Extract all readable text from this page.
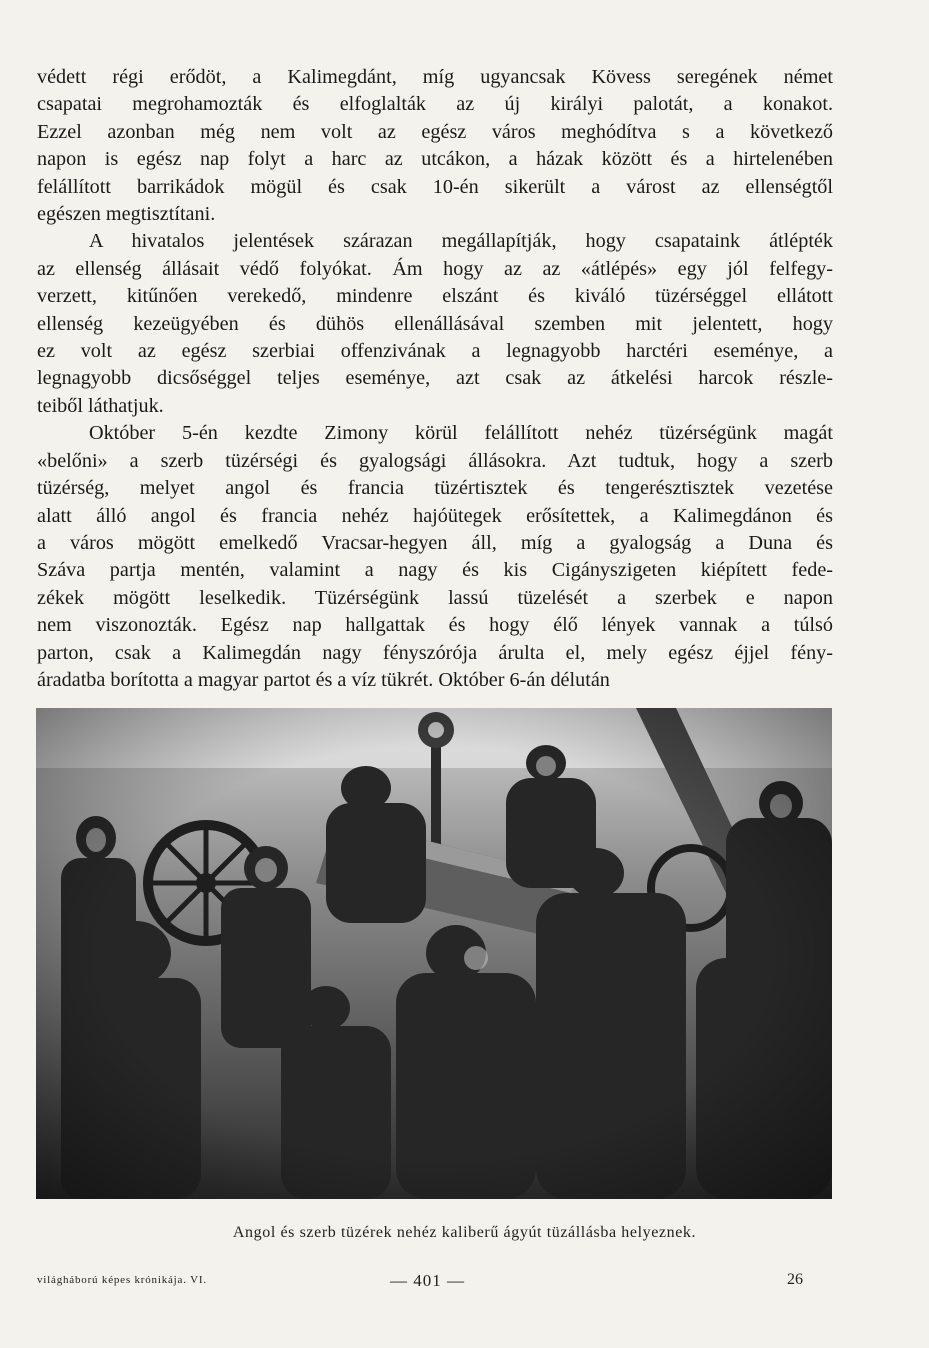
védett régi erődöt, a Kalimegdánt, míg ugyancsak Kövess seregének német
csapatai megrohamozták és elfoglalták az új királyi palotát, a konakot.
Ezzel azonban még nem volt az egész város meghódítva s a következő
napon is egész nap folyt a harc az utcákon, a házak között és a hirtelenében
felállított barrikádok mögül és csak 10-én sikerült a várost az ellenségtől
egészen megtisztítani.

A hivatalos jelentések szárazan megállapítják, hogy csapataink átlépték
az ellenség állásait védő folyókat. Ám hogy az az «átlépés» egy jól felfegy-
verzett, kitűnően verekedő, mindenre elszánt és kiváló tüzérséggel ellátott
ellenség kezeügyében és dühös ellenállásával szemben mit jelentett, hogy
ez volt az egész szerbiai offenzivának a legnagyobb harctéri eseménye, a
legnagyobb dicsőséggel teljes eseménye, azt csak az átkelési harcok részle-
teiből láthatjuk.

Október 5-én kezdte Zimony körül felállított nehéz tüzérségünk magát
«belőni» a szerb tüzérségi és gyalogsági állásokra. Azt tudtuk, hogy a szerb
tüzérség, melyet angol és francia tüzértisztek és tengerésztisztek vezetése
alatt álló angol és francia nehéz hajóütegek erősítettek, a Kalimegdánon és
a város mögött emelkedő Vracsar-hegyen áll, míg a gyalogság a Duna és
Száva partja mentén, valamint a nagy és kis Cigányszigeten kiépített fede-
zékek mögött leselkedik. Tüzérségünk lassú tüzelését a szerbek e napon
nem viszonozták. Egész nap hallgattak és hogy élő lények vannak a túlsó
parton, csak a Kalimegdán nagy fényszórója árulta el, mely egész éjjel fény-
áradatba borította a magyar partot és a víz tükrét. Október 6-án délután

Angol és szerb tüzérek nehéz kaliberű ágyút tüzállásba helyeznek.
világháború képes krónikája. VI.	— 401 —	26
